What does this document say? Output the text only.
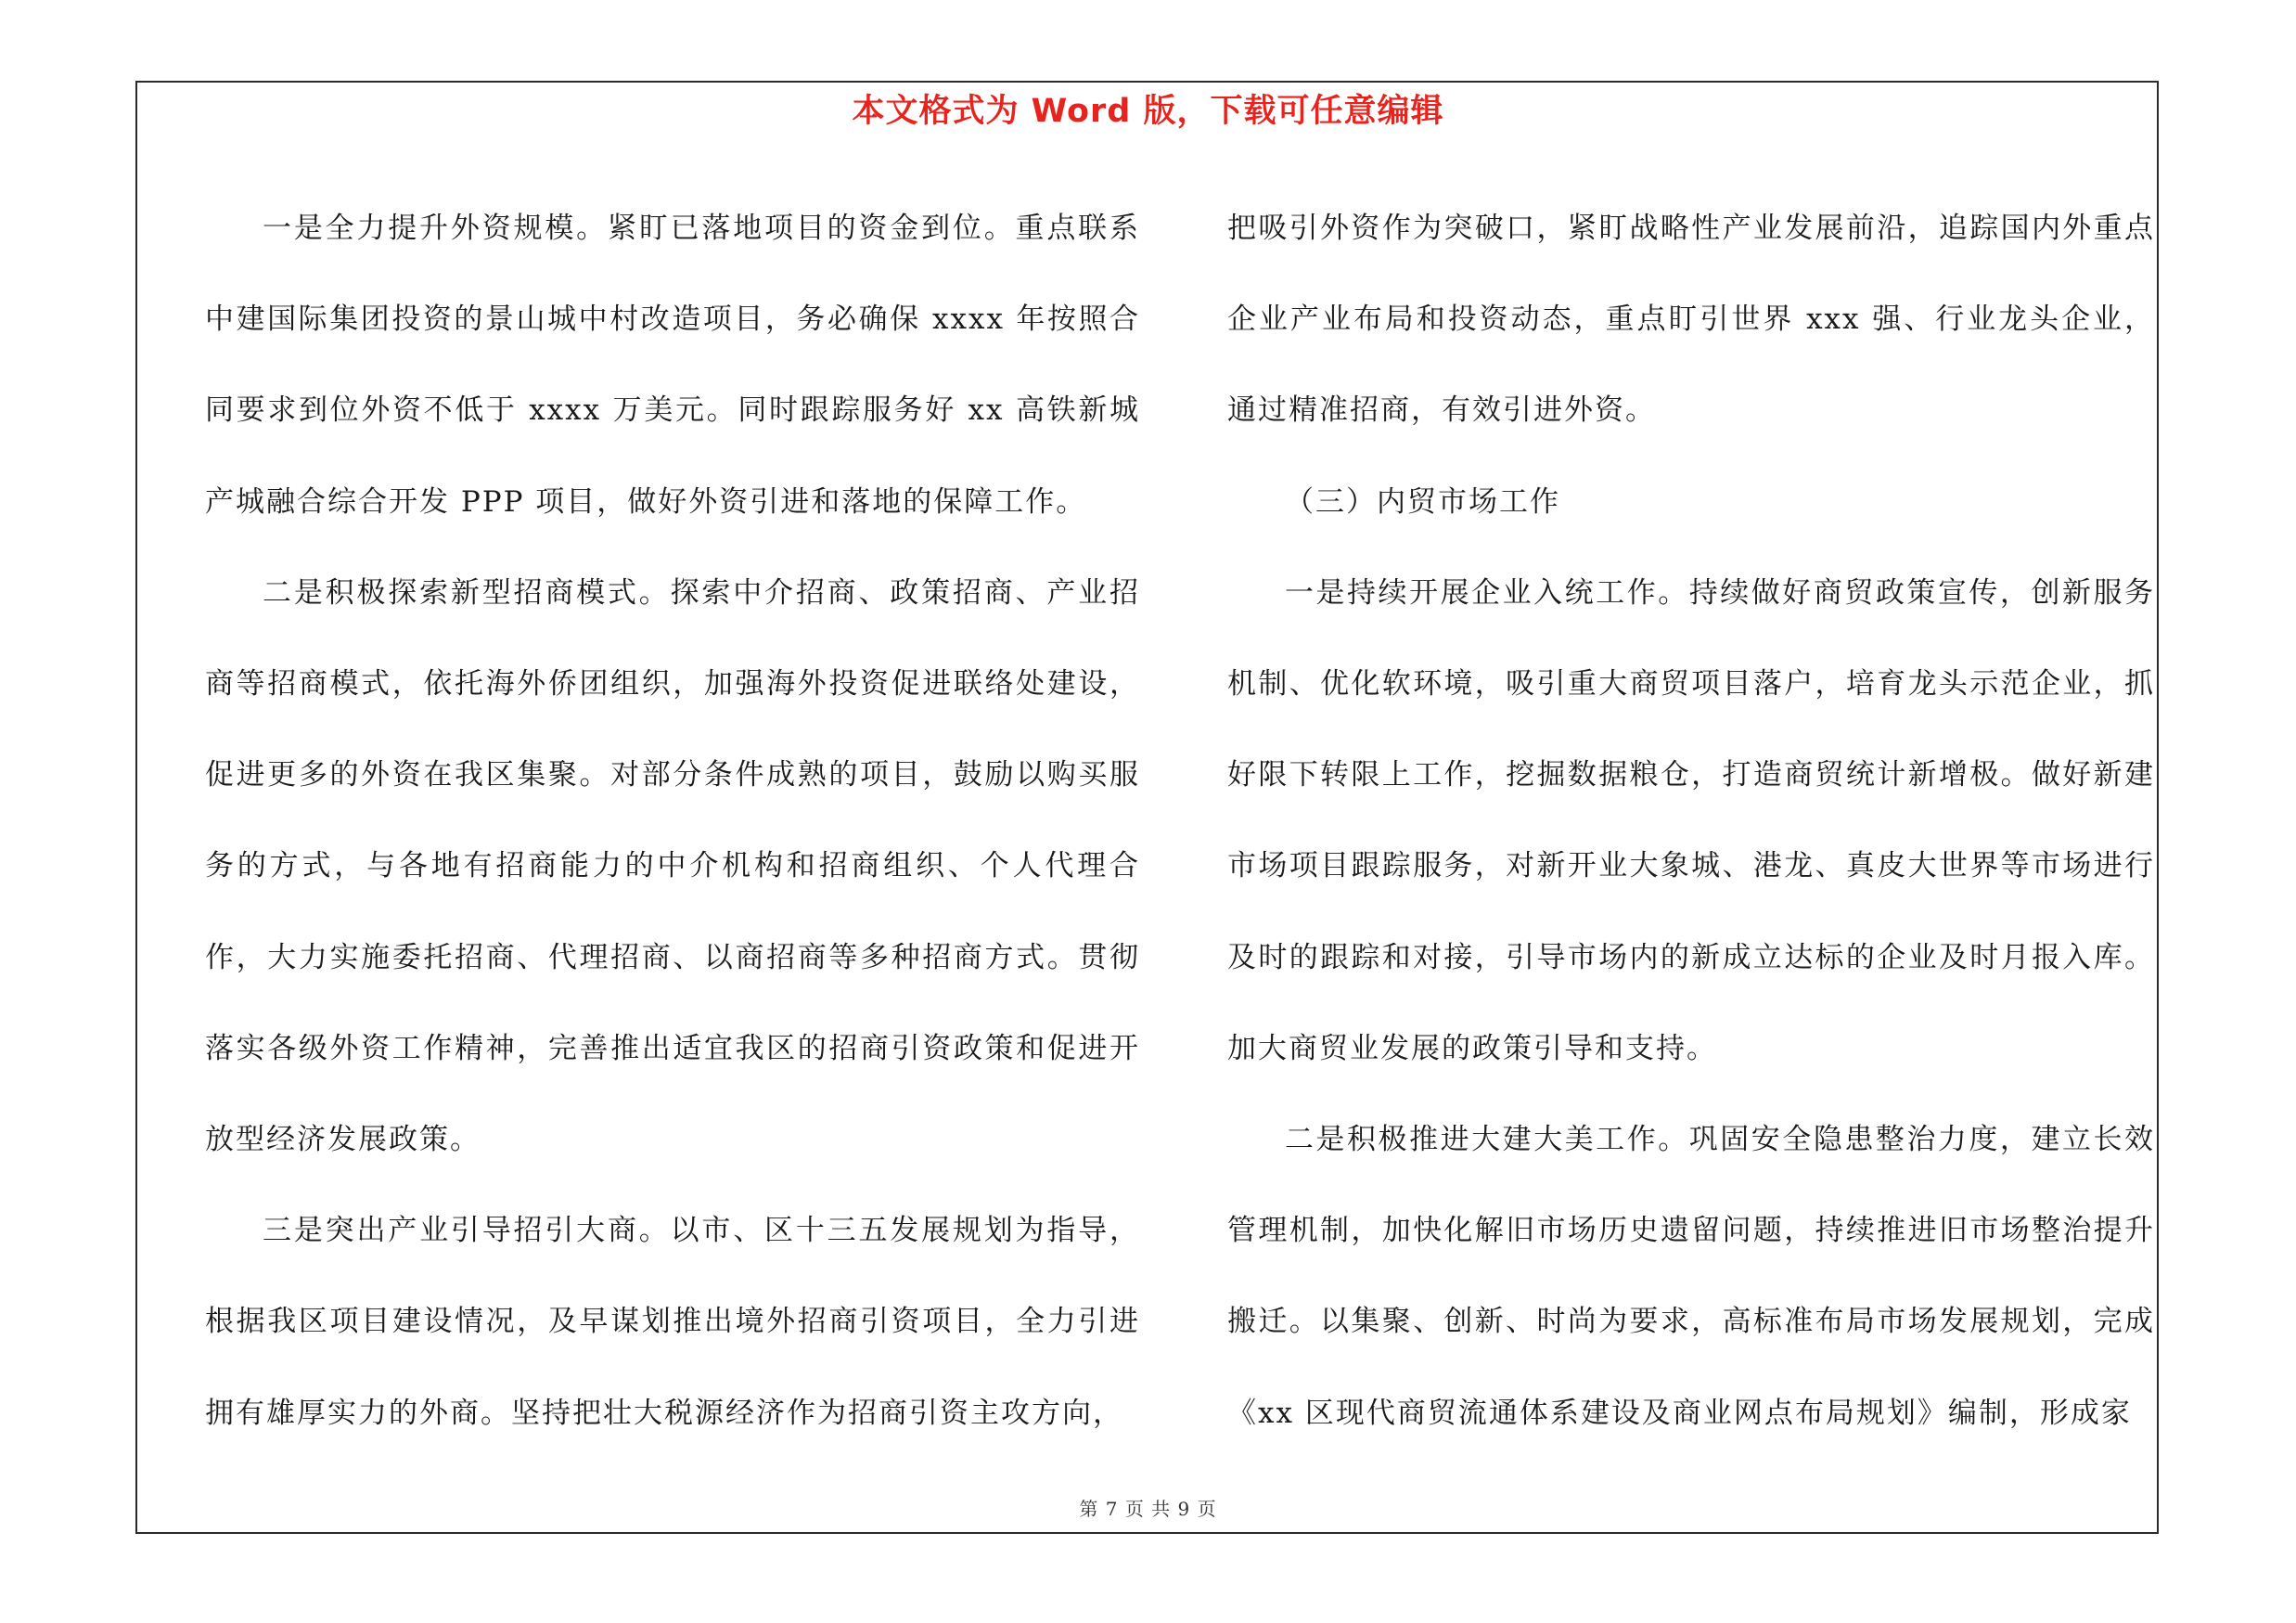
本文格式为 Word 版，下载可任意编辑

一是全力提升外资规模。紧盯已落地项目的资金到位。重点联系中建国际集团投资的景山城中村改造项目，务必确保 xxxx 年按照合同要求到位外资不低于 xxxx 万美元。同时跟踪服务好 xx 高铁新城产城融合综合开发 PPP 项目，做好外资引进和落地的保障工作。

二是积极探索新型招商模式。探索中介招商、政策招商、产业招商等招商模式，依托海外侨团组织，加强海外投资促进联络处建设，促进更多的外资在我区集聚。对部分条件成熟的项目，鼓励以购买服务的方式，与各地有招商能力的中介机构和招商组织、个人代理合作，大力实施委托招商、代理招商、以商招商等多种招商方式。贯彻落实各级外资工作精神，完善推出适宜我区的招商引资政策和促进开放型经济发展政策。

三是突出产业引导招引大商。以市、区十三五发展规划为指导，根据我区项目建设情况，及早谋划推出境外招商引资项目，全力引进拥有雄厚实力的外商。坚持把壮大税源经济作为招商引资主攻方向，

把吸引外资作为突破口，紧盯战略性产业发展前沿，追踪国内外重点企业产业布局和投资动态，重点盯引世界 xxx 强、行业龙头企业，通过精准招商，有效引进外资。

（三）内贸市场工作

一是持续开展企业入统工作。持续做好商贸政策宣传，创新服务机制、优化软环境，吸引重大商贸项目落户，培育龙头示范企业，抓好限下转限上工作，挖掘数据粮仓，打造商贸统计新增极。做好新建市场项目跟踪服务，对新开业大象城、港龙、真皮大世界等市场进行及时的跟踪和对接，引导市场内的新成立达标的企业及时月报入库。加大商贸业发展的政策引导和支持。

二是积极推进大建大美工作。巩固安全隐患整治力度，建立长效管理机制，加快化解旧市场历史遗留问题，持续推进旧市场整治提升搬迁。以集聚、创新、时尚为要求，高标准布局市场发展规划，完成《xx 区现代商贸流通体系建设及商业网点布局规划》编制，形成家

第 7 页 共 9 页
